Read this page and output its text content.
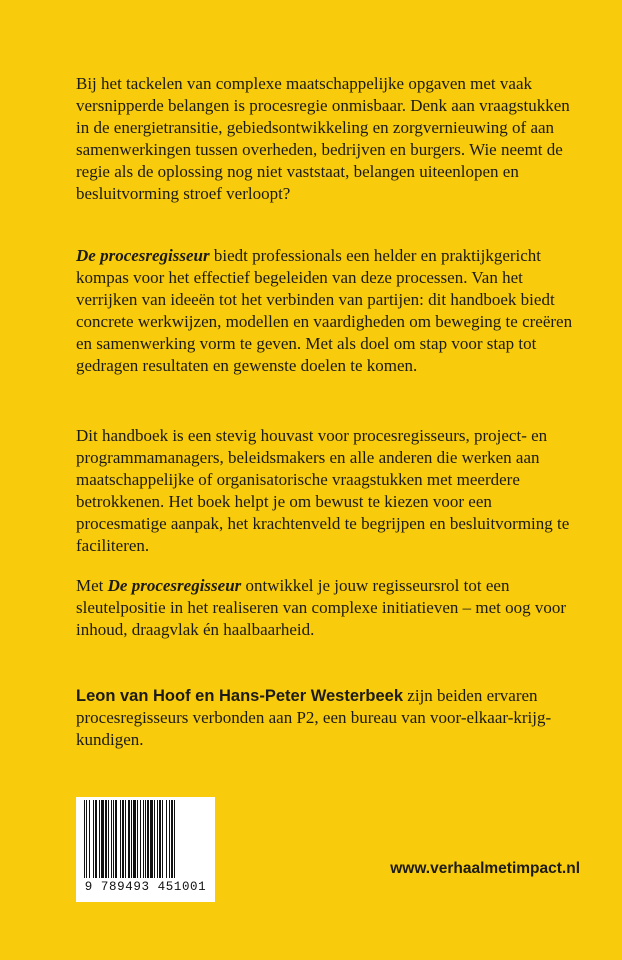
Bij het tackelen van complexe maatschappelijke opgaven met vaak versnipperde belangen is procesregie onmisbaar. Denk aan vraagstukken in de energietransitie, gebiedsontwikkeling en zorgvernieuwing of aan samenwerkingen tussen overheden, bedrijven en burgers. Wie neemt de regie als de oplossing nog niet vaststaat, belangen uiteenlopen en besluitvorming stroef verloopt?

De procesregisseur biedt professionals een helder en praktijkgericht kompas voor het effectief begeleiden van deze processen. Van het verrijken van ideeën tot het verbinden van partijen: dit handboek biedt concrete werkwijzen, modellen en vaardigheden om beweging te creëren en samenwerking vorm te geven. Met als doel om stap voor stap tot gedragen resultaten en gewenste doelen te komen.

Dit handboek is een stevig houvast voor procesregisseurs, project- en programmamanagers, beleidsmakers en alle anderen die werken aan maatschappelijke of organisatorische vraagstukken met meerdere betrokkenen. Het boek helpt je om bewust te kiezen voor een procesmatige aanpak, het krachtenveld te begrijpen en besluitvorming te faciliteren.

Met De procesregisseur ontwikkel je jouw regisseursrol tot een sleutelpositie in het realiseren van complexe initiatieven – met oog voor inhoud, draagvlak én haalbaarheid.

Leon van Hoof en Hans-Peter Westerbeek zijn beiden ervaren procesregisseurs verbonden aan P2, een bureau van voor-elkaar-krijg-kundigen.

9 789493 451001
www.verhaalmetimpact.nl
